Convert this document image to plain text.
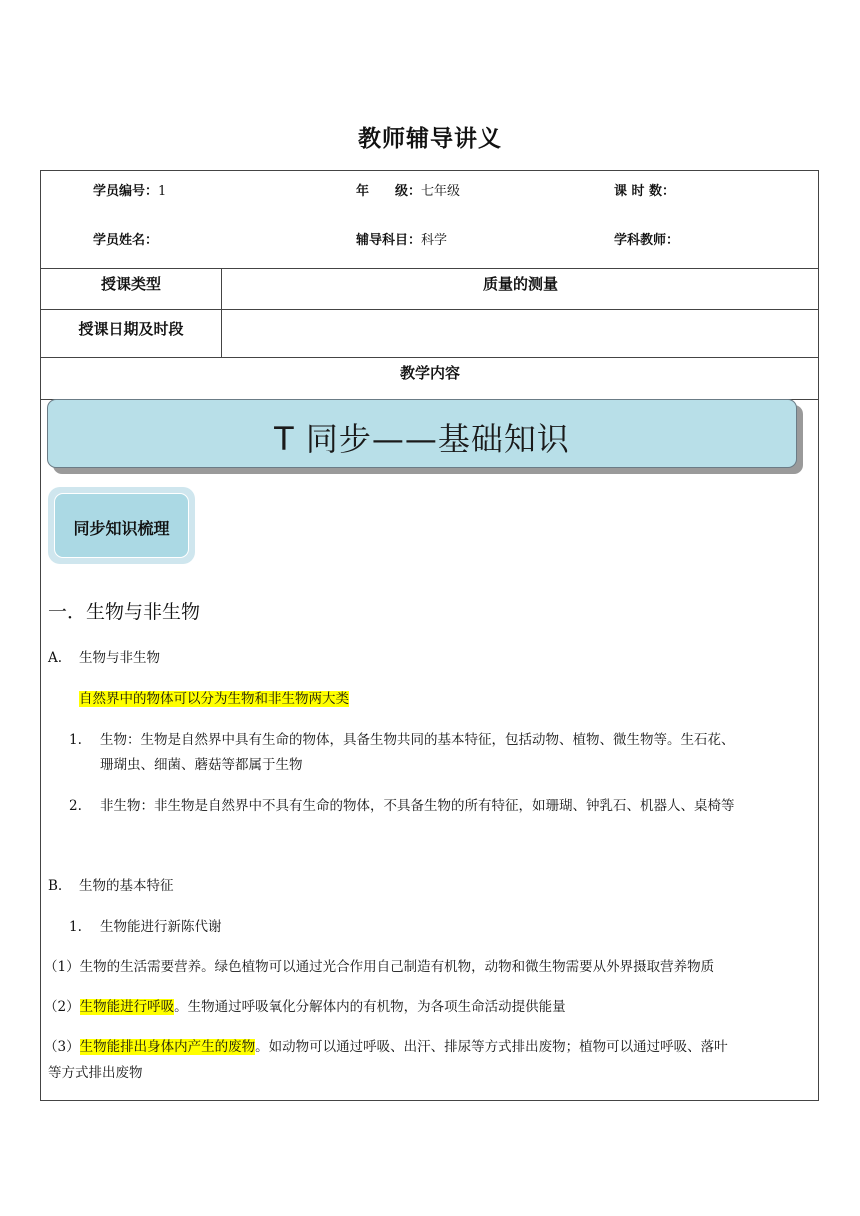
教师辅导讲义
学员编号：1	年　　级：七年级	课 时 数：
学员姓名：	辅导科目：科学	学科教师：
授课类型	质量的测量
授课日期及时段
教学内容
T 同步——基础知识
同步知识梳理
一．生物与非生物
A. 生物与非生物
自然界中的物体可以分为生物和非生物两大类
1. 生物：生物是自然界中具有生命的物体，具备生物共同的基本特征，包括动物、植物、微生物等。生石花、
珊瑚虫、细菌、蘑菇等都属于生物
2. 非生物：非生物是自然界中不具有生命的物体，不具备生物的所有特征，如珊瑚、钟乳石、机器人、桌椅等
B. 生物的基本特征
1. 生物能进行新陈代谢
（1）生物的生活需要营养。绿色植物可以通过光合作用自己制造有机物，动物和微生物需要从外界摄取营养物质
（2）生物能进行呼吸。生物通过呼吸氧化分解体内的有机物，为各项生命活动提供能量
（3）生物能排出身体内产生的废物。如动物可以通过呼吸、出汗、排尿等方式排出废物；植物可以通过呼吸、落叶
等方式排出废物
